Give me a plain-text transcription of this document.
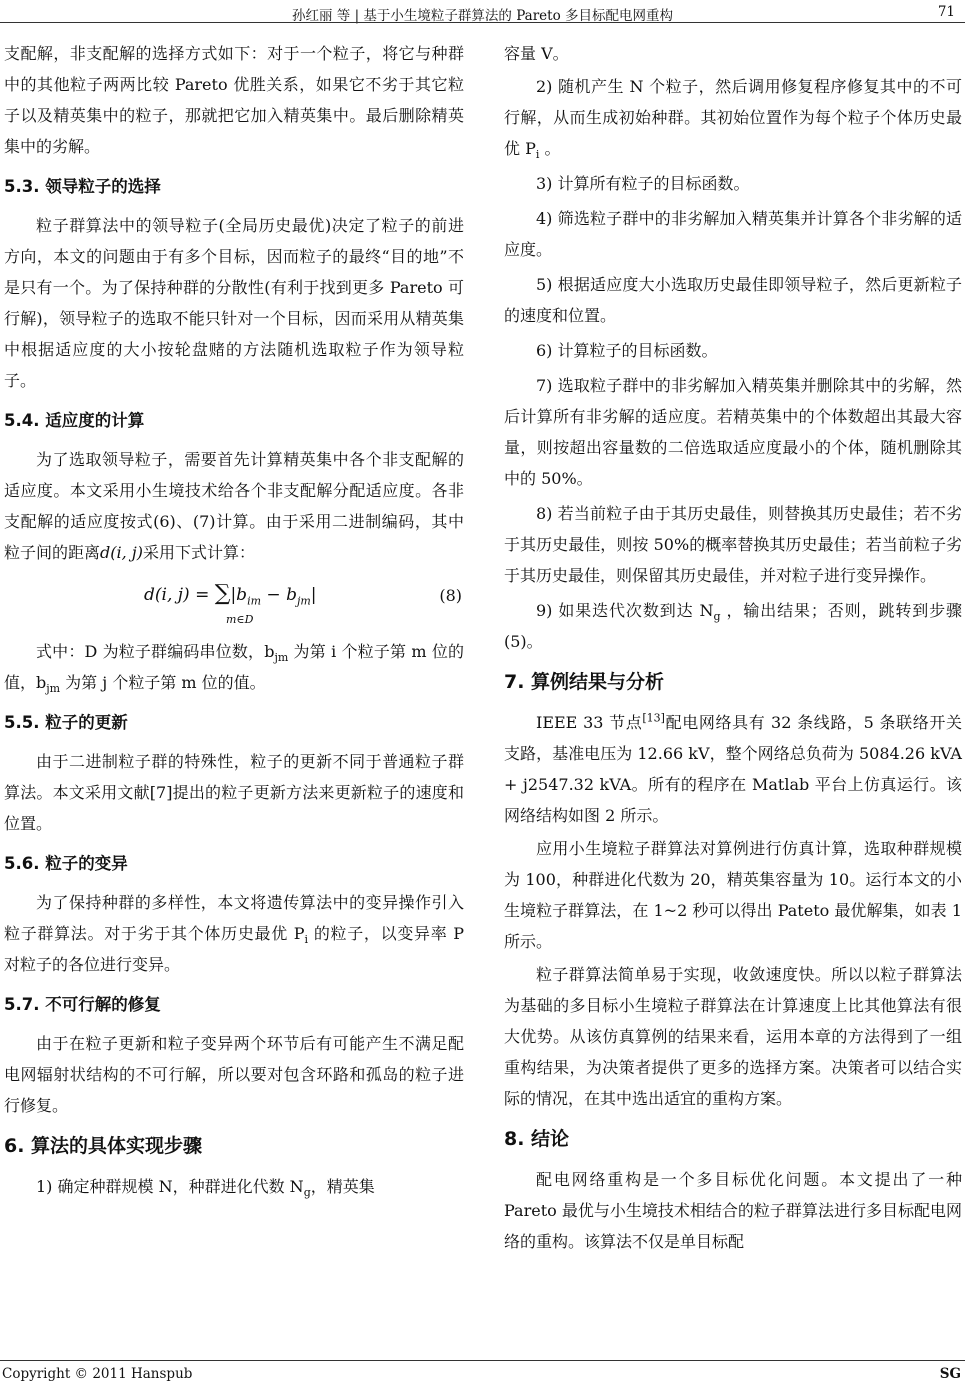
孙红丽 等 | 基于小生境粒子群算法的 Pareto 多目标配电网重构	71

支配解，非支配解的选择方式如下：对于一个粒子，将它与种群中的其他粒子两两比较 Pareto 优胜关系，如果它不劣于其它粒子以及精英集中的粒子，那就把它加入精英集中。最后删除精英集中的劣解。

5.3. 领导粒子的选择

粒子群算法中的领导粒子(全局历史最优)决定了粒子的前进方向，本文的问题由于有多个目标，因而粒子的最终“目的地”不是只有一个。为了保持种群的分散性(有利于找到更多 Pareto 可行解)，领导粒子的选取不能只针对一个目标，因而采用从精英集中根据适应度的大小按轮盘赌的方法随机选取粒子作为领导粒子。

5.4. 适应度的计算

为了选取领导粒子，需要首先计算精英集中各个非支配解的适应度。本文采用小生境技术给各个非支配解分配适应度。各非支配解的适应度按式(6)、(7)计算。由于采用二进制编码，其中粒子间的距离d(i, j)采用下式计算：

d(i, $j) = \sum|b_{im} - b_{jm}|$
m∈D
(8)

式中：D 为粒子群编码串位数，$b_{jm}$ 为第 i 个粒子第 m 位的值，$b_{jm}$ 为第 j 个粒子第 m 位的值。

5.5. 粒子的更新

由于二进制粒子群的特殊性，粒子的更新不同于普通粒子群算法。本文采用文献[7]提出的粒子更新方法来更新粒子的速度和位置。

5.6. 粒子的变异

为了保持种群的多样性，本文将遗传算法中的变异操作引入粒子群算法。对于劣于其个体历史最优 $P_i$ 的粒子，以变异率 P 对粒子的各位进行变异。

5.7. 不可行解的修复

由于在粒子更新和粒子变异两个环节后有可能产生不满足配电网辐射状结构的不可行解，所以要对包含环路和孤岛的粒子进行修复。

6. 算法的具体实现步骤

1) 确定种群规模 N，种群进化代数 $N_g$，精英集

容量 V。

2) 随机产生 N 个粒子，然后调用修复程序修复其中的不可行解，从而生成初始种群。其初始位置作为每个粒子个体历史最优 $P_i$ 。

3) 计算所有粒子的目标函数。

4) 筛选粒子群中的非劣解加入精英集并计算各个非劣解的适应度。

5) 根据适应度大小选取历史最佳即领导粒子，然后更新粒子的速度和位置。

6) 计算粒子的目标函数。

7) 选取粒子群中的非劣解加入精英集并删除其中的劣解，然后计算所有非劣解的适应度。若精英集中的个体数超出其最大容量，则按超出容量数的二倍选取适应度最小的个体，随机删除其中的 50%。

8) 若当前粒子由于其历史最佳，则替换其历史最佳；若不劣于其历史最佳，则按 50%的概率替换其历史最佳；若当前粒子劣于其历史最佳，则保留其历史最佳，并对粒子进行变异操作。

9) 如果迭代次数到达 $N_g$ ，输出结果；否则，跳转到步骤(5)。

7. 算例结果与分析

IEEE 33 节点[13]配电网络具有 32 条线路，5 条联络开关支路，基准电压为 12.66 kV，整个网络总负荷为 5084.26 kVA + j2547.32 kVA。所有的程序在 Matlab 平台上仿真运行。该网络结构如图 2 所示。

应用小生境粒子群算法对算例进行仿真计算，选取种群规模为 100，种群进化代数为 20，精英集容量为 10。运行本文的小生境粒子群算法，在 1~2 秒可以得出 Pateto 最优解集，如表 1 所示。

粒子群算法简单易于实现，收敛速度快。所以以粒子群算法为基础的多目标小生境粒子群算法在计算速度上比其他算法有很大优势。从该仿真算例的结果来看，运用本章的方法得到了一组重构结果，为决策者提供了更多的选择方案。决策者可以结合实际的情况，在其中选出适宜的重构方案。

8. 结论

配电网络重构是一个多目标优化问题。本文提出了一种 Pareto 最优与小生境技术相结合的粒子群算法进行多目标配电网络的重构。该算法不仅是单目标配

Copyright © 2011 Hanspub	SG
